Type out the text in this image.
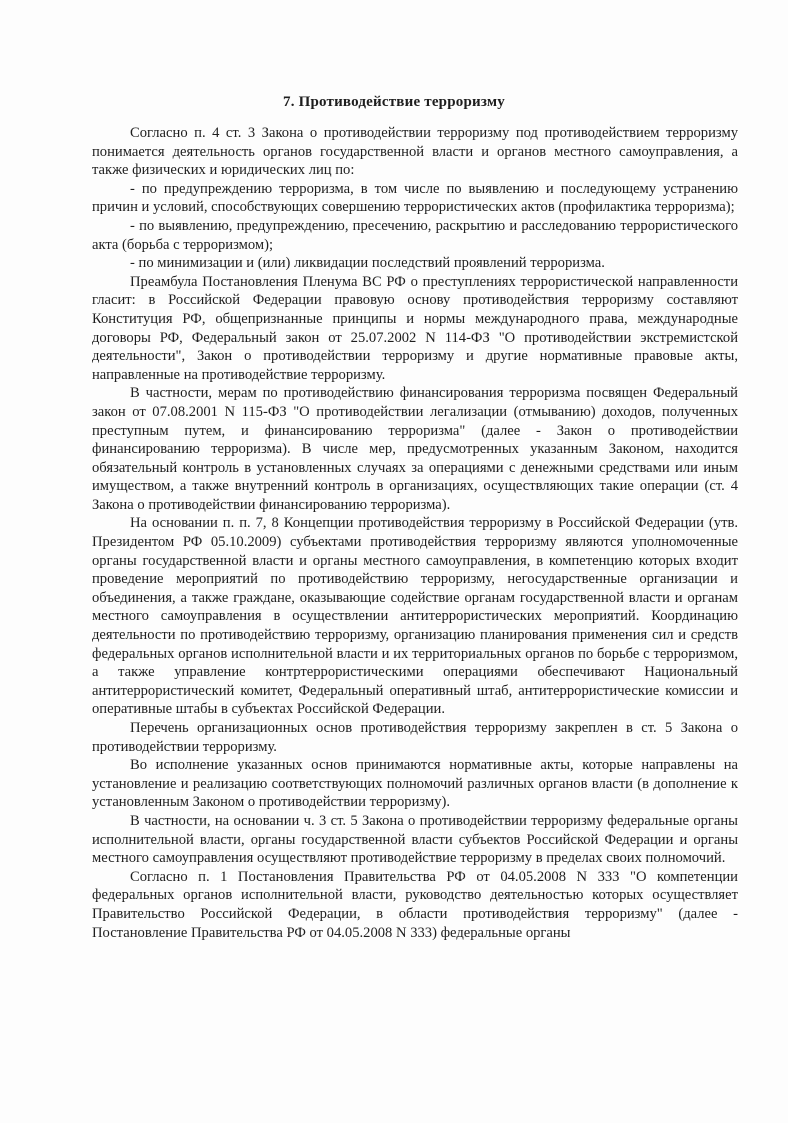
7. Противодействие терроризму

Согласно п. 4 ст. 3 Закона о противодействии терроризму под противодействием терроризму понимается деятельность органов государственной власти и органов местного самоуправления, а также физических и юридических лиц по:

- по предупреждению терроризма, в том числе по выявлению и последующему устранению причин и условий, способствующих совершению террористических актов (профилактика терроризма);

- по выявлению, предупреждению, пресечению, раскрытию и расследованию террористического акта (борьба с терроризмом);

- по минимизации и (или) ликвидации последствий проявлений терроризма.

Преамбула Постановления Пленума ВС РФ о преступлениях террористической направленности гласит: в Российской Федерации правовую основу противодействия терроризму составляют Конституция РФ, общепризнанные принципы и нормы международного права, международные договоры РФ, Федеральный закон от 25.07.2002 N 114-ФЗ "О противодействии экстремистской деятельности", Закон о противодействии терроризму и другие нормативные правовые акты, направленные на противодействие терроризму.

В частности, мерам по противодействию финансирования терроризма посвящен Федеральный закон от 07.08.2001 N 115-ФЗ "О противодействии легализации (отмыванию) доходов, полученных преступным путем, и финансированию терроризма" (далее - Закон о противодействии финансированию терроризма). В числе мер, предусмотренных указанным Законом, находится обязательный контроль в установленных случаях за операциями с денежными средствами или иным имуществом, а также внутренний контроль в организациях, осуществляющих такие операции (ст. 4 Закона о противодействии финансированию терроризма).

На основании п. п. 7, 8 Концепции противодействия терроризму в Российской Федерации (утв. Президентом РФ 05.10.2009) субъектами противодействия терроризму являются уполномоченные органы государственной власти и органы местного самоуправления, в компетенцию которых входит проведение мероприятий по противодействию терроризму, негосударственные организации и объединения, а также граждане, оказывающие содействие органам государственной власти и органам местного самоуправления в осуществлении антитеррористических мероприятий. Координацию деятельности по противодействию терроризму, организацию планирования применения сил и средств федеральных органов исполнительной власти и их территориальных органов по борьбе с терроризмом, а также управление контртеррористическими операциями обеспечивают Национальный антитеррористический комитет, Федеральный оперативный штаб, антитеррористические комиссии и оперативные штабы в субъектах Российской Федерации.

Перечень организационных основ противодействия терроризму закреплен в ст. 5 Закона о противодействии терроризму.

Во исполнение указанных основ принимаются нормативные акты, которые направлены на установление и реализацию соответствующих полномочий различных органов власти (в дополнение к установленным Законом о противодействии терроризму).

В частности, на основании ч. 3 ст. 5 Закона о противодействии терроризму федеральные органы исполнительной власти, органы государственной власти субъектов Российской Федерации и органы местного самоуправления осуществляют противодействие терроризму в пределах своих полномочий.

Согласно п. 1 Постановления Правительства РФ от 04.05.2008 N 333 "О компетенции федеральных органов исполнительной власти, руководство деятельностью которых осуществляет Правительство Российской Федерации, в области противодействия терроризму" (далее - Постановление Правительства РФ от 04.05.2008 N 333) федеральные органы
